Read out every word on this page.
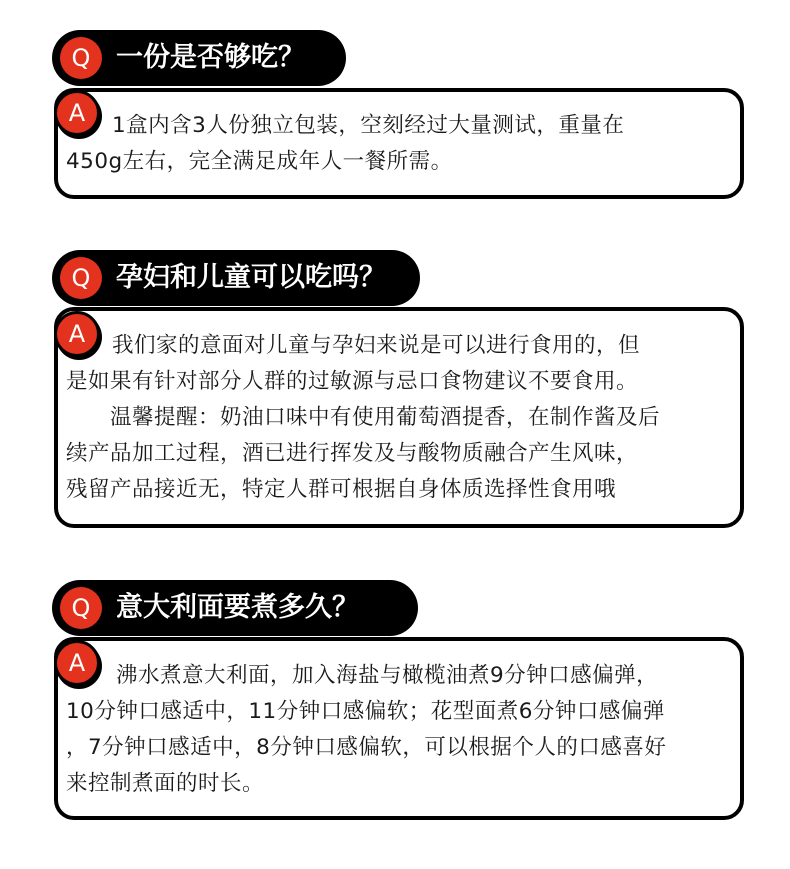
Q 一份是否够吃？
A	1盒内含3人份独立包装，空刻经过大量测试，重量在
450g左右，完全满足成年人一餐所需。
Q 孕妇和儿童可以吃吗？
A	我们家的意面对儿童与孕妇来说是可以进行食用的，但
是如果有针对部分人群的过敏源与忌口食物建议不要食用。
温馨提醒：奶油口味中有使用葡萄酒提香，在制作酱及后
续产品加工过程，酒已进行挥发及与酸物质融合产生风味，
残留产品接近无，特定人群可根据自身体质选择性食用哦
Q 意大利面要煮多久？
A	沸水煮意大利面，加入海盐与橄榄油煮9分钟口感偏弹，
10分钟口感适中，11分钟口感偏软；花型面煮6分钟口感偏弹
，7分钟口感适中，8分钟口感偏软，可以根据个人的口感喜好
来控制煮面的时长。
